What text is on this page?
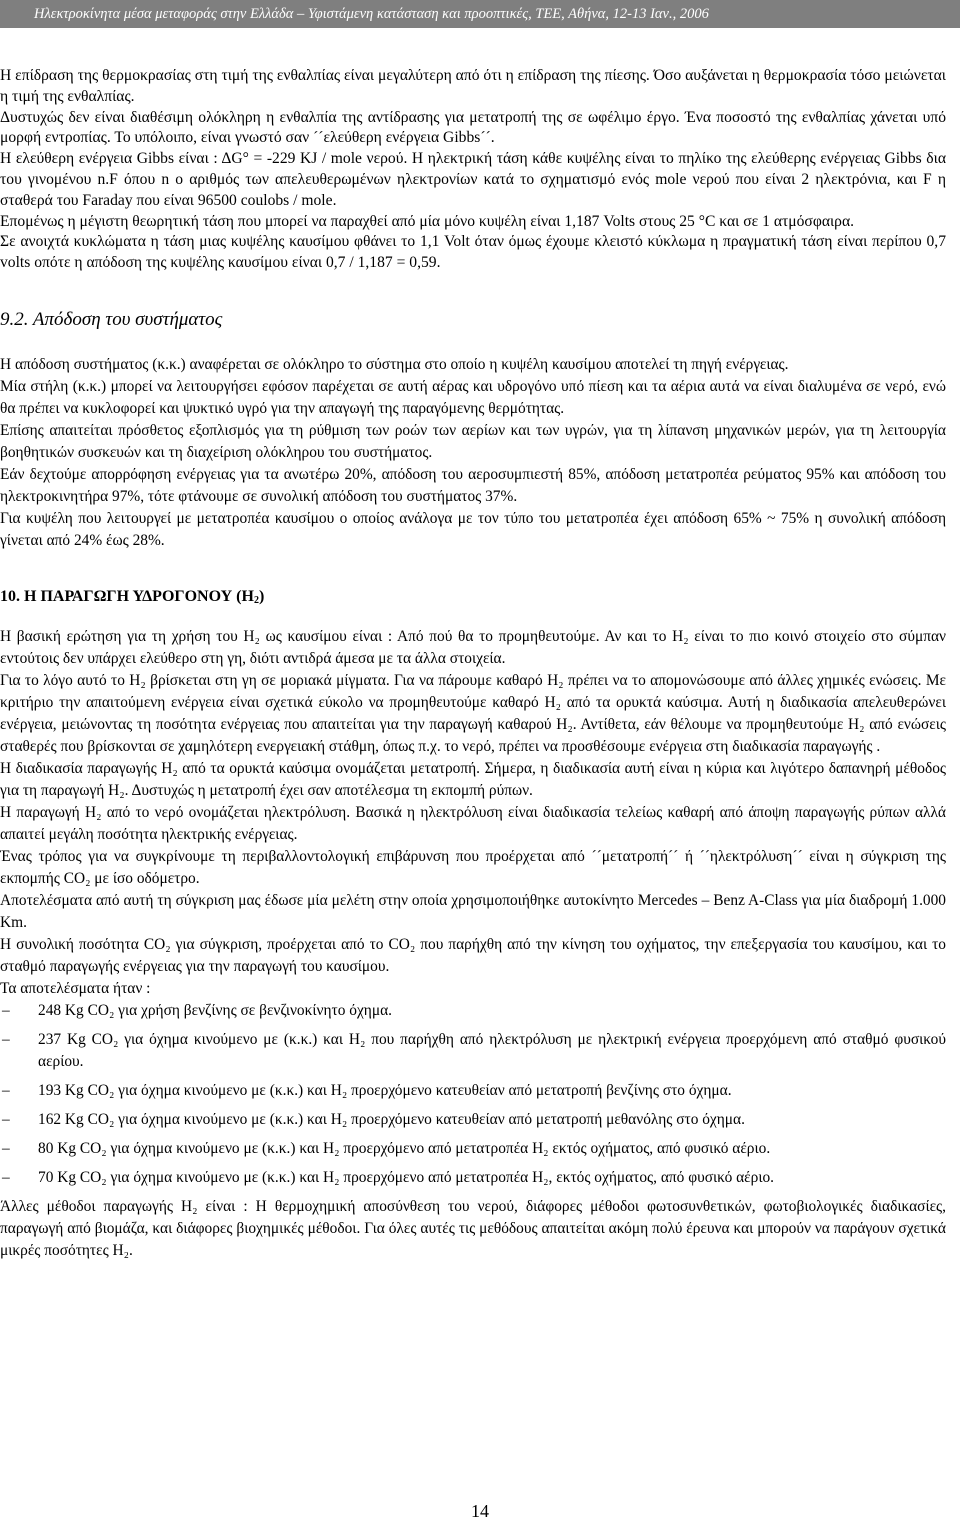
Ηλεκτροκίνητα μέσα μεταφοράς στην Ελλάδα – Υφιστάμενη κατάσταση και προοπτικές, ΤΕΕ, Αθήνα, 12-13 Ιαν., 2006

Η επίδραση της θερμοκρασίας στη τιμή της ενθαλπίας είναι μεγαλύτερη από ότι η επίδραση της πίεσης. Όσο αυξάνεται η θερμοκρασία τόσο μειώνεται η τιμή της ενθαλπίας.

Δυστυχώς δεν είναι διαθέσιμη ολόκληρη η ενθαλπία της αντίδρασης για μετατροπή της σε ωφέλιμο έργο. Ένα ποσοστό της ενθαλπίας χάνεται υπό μορφή εντροπίας. Το υπόλοιπο, είναι γνωστό σαν ´´ελεύθερη ενέργεια Gibbs´´.

Η ελεύθερη ενέργεια Gibbs είναι : ΔG° = -229 KJ / mole νερού. Η ηλεκτρική τάση κάθε κυψέλης είναι το πηλίκο της ελεύθερης ενέργειας Gibbs δια του γινομένου n.F όπου n ο αριθμός των απελευθερωμένων ηλεκτρονίων κατά το σχηματισμό ενός mole νερού που είναι 2 ηλεκτρόνια, και F η σταθερά του Faraday που είναι 96500 coulobs / mole.

Επομένως η μέγιστη θεωρητική τάση που μπορεί να παραχθεί από μία μόνο κυψέλη είναι 1,187 Volts στους 25 °C και σε 1 ατμόσφαιρα.

Σε ανοιχτά κυκλώματα η τάση μιας κυψέλης καυσίμου φθάνει το 1,1 Volt όταν όμως έχουμε κλειστό κύκλωμα η πραγματική τάση είναι περίπου 0,7 volts οπότε η απόδοση της κυψέλης καυσίμου είναι 0,7 / 1,187 = 0,59.

9.2. Απόδοση του συστήματος

Η απόδοση συστήματος (κ.κ.) αναφέρεται σε ολόκληρο το σύστημα στο οποίο η κυψέλη καυσίμου αποτελεί τη πηγή ενέργειας.

Μία στήλη (κ.κ.) μπορεί να λειτουργήσει εφόσον παρέχεται σε αυτή αέρας και υδρογόνο υπό πίεση και τα αέρια αυτά να είναι διαλυμένα σε νερό, ενώ θα πρέπει να κυκλοφορεί και ψυκτικό υγρό για την απαγωγή της παραγόμενης θερμότητας.

Επίσης απαιτείται πρόσθετος εξοπλισμός για τη ρύθμιση των ροών των αερίων και των υγρών, για τη λίπανση μηχανικών μερών, για τη λειτουργία βοηθητικών συσκευών και τη διαχείριση ολόκληρου του συστήματος.

Εάν δεχτούμε απορρόφηση ενέργειας για τα ανωτέρω 20%, απόδοση του αεροσυμπιεστή 85%, απόδοση μετατροπέα ρεύματος 95% και απόδοση του ηλεκτροκινητήρα 97%, τότε φτάνουμε σε συνολική απόδοση του συστήματος 37%.

Για κυψέλη που λειτουργεί με μετατροπέα καυσίμου ο οποίος ανάλογα με τον τύπο του μετατροπέα έχει απόδοση 65% ~ 75% η συνολική απόδοση γίνεται από 24% έως 28%.

10. Η ΠΑΡΑΓΩΓΗ ΥΔΡΟΓΟΝΟΥ $(H_2)$

Η βασική ερώτηση για τη χρήση του Η₂ ως καυσίμου είναι : Από πού θα το προμηθευτούμε. Αν και το Η₂ είναι το πιο κοινό στοιχείο στο σύμπαν εντούτοις δεν υπάρχει ελεύθερο στη γη, διότι αντιδρά άμεσα με τα άλλα στοιχεία.

Για το λόγο αυτό το Η₂ βρίσκεται στη γη σε μοριακά μίγματα. Για να πάρουμε καθαρό Η₂ πρέπει να το απομονώσουμε από άλλες χημικές ενώσεις. Με κριτήριο την απαιτούμενη ενέργεια είναι σχετικά εύκολο να προμηθευτούμε καθαρό Η₂ από τα ορυκτά καύσιμα. Αυτή η διαδικασία απελευθερώνει ενέργεια, μειώνοντας τη ποσότητα ενέργειας που απαιτείται για την παραγωγή καθαρού Η₂. Αντίθετα, εάν θέλουμε να προμηθευτούμε Η₂ από ενώσεις σταθερές που βρίσκονται σε χαμηλότερη ενεργειακή στάθμη, όπως π.χ. το νερό, πρέπει να προσθέσουμε ενέργεια στη διαδικασία παραγωγής .

Η διαδικασία παραγωγής Η₂ από τα ορυκτά καύσιμα ονομάζεται μετατροπή. Σήμερα, η διαδικασία αυτή είναι η κύρια και λιγότερο δαπανηρή μέθοδος για τη παραγωγή Η₂. Δυστυχώς η μετατροπή έχει σαν αποτέλεσμα τη εκπομπή ρύπων.

Η παραγωγή Η₂ από το νερό ονομάζεται ηλεκτρόλυση. Βασικά η ηλεκτρόλυση είναι διαδικασία τελείως καθαρή από άποψη παραγωγής ρύπων αλλά απαιτεί μεγάλη ποσότητα ηλεκτρικής ενέργειας.

Ένας τρόπος για να συγκρίνουμε τη περιβαλλοντολογική επιβάρυνση που προέρχεται από ´´μετατροπή´´ ή ´´ηλεκτρόλυση´´ είναι η σύγκριση της εκπομπής CO₂ με ίσο οδόμετρο.

Αποτελέσματα από αυτή τη σύγκριση μας έδωσε μία μελέτη στην οποία χρησιμοποιήθηκε αυτοκίνητο Mercedes – Benz A-Class για μία διαδρομή 1.000 Km.

Η συνολική ποσότητα CO₂ για σύγκριση, προέρχεται από το CO₂ που παρήχθη από την κίνηση του οχήματος, την επεξεργασία του καυσίμου, και το σταθμό παραγωγής ενέργειας για την παραγωγή του καυσίμου.

Τα αποτελέσματα ήταν :

– 248 Kg CO₂ για χρήση βενζίνης σε βενζινοκίνητο όχημα.
– 237 Kg CO₂ για όχημα κινούμενο με (κ.κ.) και Η₂ που παρήχθη από ηλεκτρόλυση με ηλεκτρική ενέργεια προερχόμενη από σταθμό φυσικού αερίου.
– 193 Kg CO₂ για όχημα κινούμενο με (κ.κ.) και Η₂ προερχόμενο κατευθείαν από μετατροπή βενζίνης στο όχημα.
– 162 Kg CO₂ για όχημα κινούμενο με (κ.κ.) και Η₂ προερχόμενο κατευθείαν από μετατροπή μεθανόλης στο όχημα.
– 80 Kg CO₂ για όχημα κινούμενο με (κ.κ.) και Η₂ προερχόμενο από μετατροπέα Η₂ εκτός οχήματος, από φυσικό αέριο.
– 70 Kg CO₂ για όχημα κινούμενο με (κ.κ.) και Η₂ προερχόμενο από μετατροπέα Η₂, εκτός οχήματος, από φυσικό αέριο.

Άλλες μέθοδοι παραγωγής Η₂ είναι : Η θερμοχημική αποσύνθεση του νερού, διάφορες μέθοδοι φωτοσυνθετικών, φωτοβιολογικές διαδικασίες, παραγωγή από βιομάζα, και διάφορες βιοχημικές μέθοδοι. Για όλες αυτές τις μεθόδους απαιτείται ακόμη πολύ έρευνα και μπορούν να παράγουν σχετικά μικρές ποσότητες Η₂.

14
